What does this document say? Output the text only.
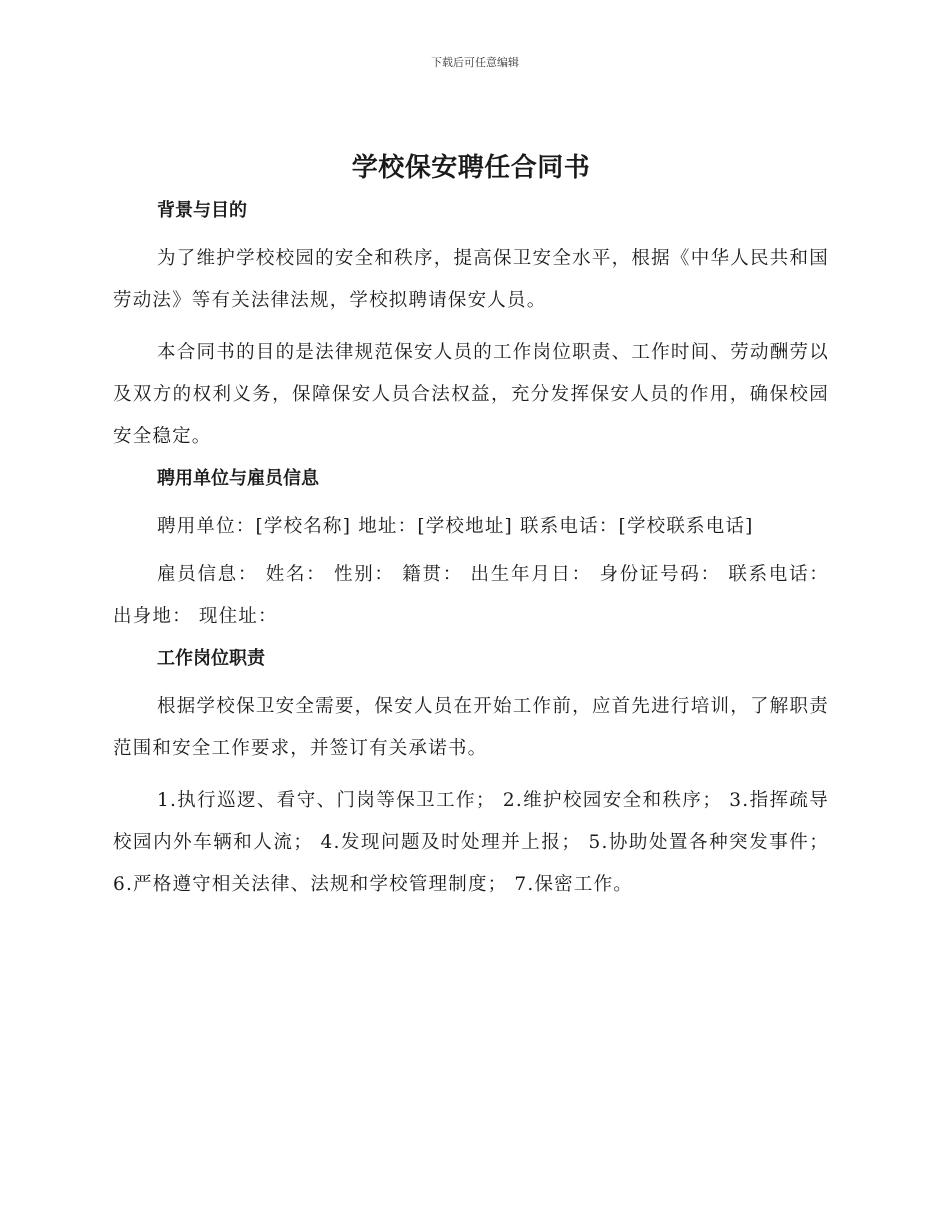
下载后可任意编辑
学校保安聘任合同书
背景与目的

为了维护学校校园的安全和秩序，提高保卫安全水平，根据《中华人民共和国劳动法》等有关法律法规，学校拟聘请保安人员。

本合同书的目的是法律规范保安人员的工作岗位职责、工作时间、劳动酬劳以及双方的权利义务，保障保安人员合法权益，充分发挥保安人员的作用，确保校园安全稳定。

聘用单位与雇员信息

聘用单位：[学校名称] 地址：[学校地址] 联系电话：[学校联系电话]

雇员信息： 姓名： 性别： 籍贯： 出生年月日： 身份证号码： 联系电话： 出身地： 现住址：

工作岗位职责

根据学校保卫安全需要，保安人员在开始工作前，应首先进行培训，了解职责范围和安全工作要求，并签订有关承诺书。

1.执行巡逻、看守、门岗等保卫工作； 2.维护校园安全和秩序； 3.指挥疏导校园内外车辆和人流； 4.发现问题及时处理并上报； 5.协助处置各种突发事件； 6.严格遵守相关法律、法规和学校管理制度； 7.保密工作。
